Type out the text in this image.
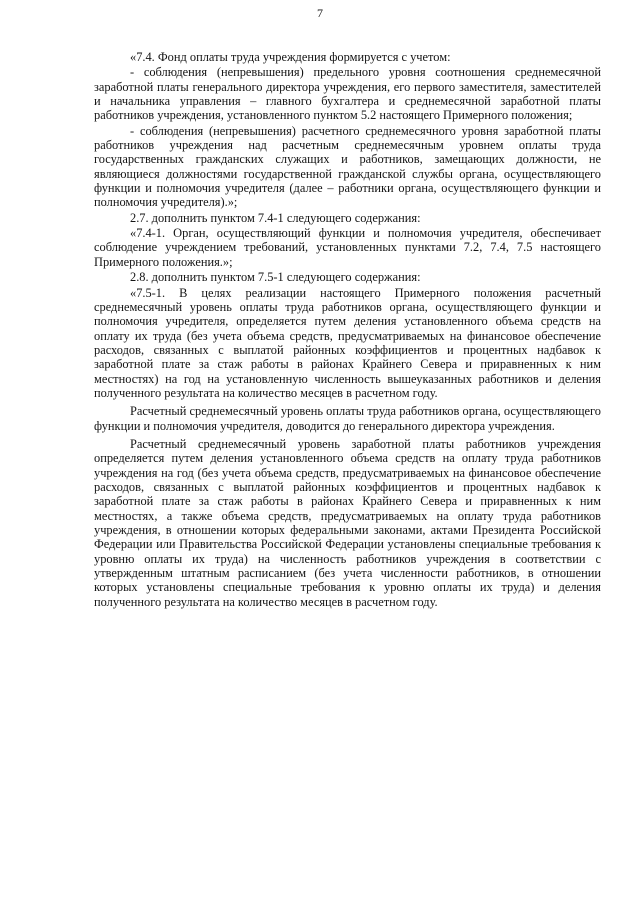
7

«7.4. Фонд оплаты труда учреждения формируется с учетом:

- соблюдения (непревышения) предельного уровня соотношения среднемесячной заработной платы генерального директора учреждения, его первого заместителя, заместителей и начальника управления – главного бухгалтера и среднемесячной заработной платы работников учреждения, установленного пунктом 5.2 настоящего Примерного положения;

- соблюдения (непревышения) расчетного среднемесячного уровня заработной платы работников учреждения над расчетным среднемесячным уровнем оплаты труда государственных гражданских служащих и работников, замещающих должности, не являющиеся должностями государственной гражданской службы органа, осуществляющего функции и полномочия учредителя (далее – работники органа, осуществляющего функции и полномочия учредителя).»;

2.7. дополнить пунктом 7.4-1 следующего содержания:

«7.4-1. Орган, осуществляющий функции и полномочия учредителя, обеспечивает соблюдение учреждением требований, установленных пунктами 7.2, 7.4, 7.5 настоящего Примерного положения.»;

2.8. дополнить пунктом 7.5-1 следующего содержания:

«7.5-1. В целях реализации настоящего Примерного положения расчетный среднемесячный уровень оплаты труда работников органа, осуществляющего функции и полномочия учредителя, определяется путем деления установленного объема средств на оплату их труда (без учета объема средств, предусматриваемых на финансовое обеспечение расходов, связанных с выплатой районных коэффициентов и процентных надбавок к заработной плате за стаж работы в районах Крайнего Севера и приравненных к ним местностях) на год на установленную численность вышеуказанных работников и деления полученного результата на количество месяцев в расчетном году.

Расчетный среднемесячный уровень оплаты труда работников органа, осуществляющего функции и полномочия учредителя, доводится до генерального директора учреждения.

Расчетный среднемесячный уровень заработной платы работников учреждения определяется путем деления установленного объема средств на оплату труда работников учреждения на год (без учета объема средств, предусматриваемых на финансовое обеспечение расходов, связанных с выплатой районных коэффициентов и процентных надбавок к заработной плате за стаж работы в районах Крайнего Севера и приравненных к ним местностях, а также объема средств, предусматриваемых на оплату труда работников учреждения, в отношении которых федеральными законами, актами Президента Российской Федерации или Правительства Российской Федерации установлены специальные требования к уровню оплаты их труда) на численность работников учреждения в соответствии с утвержденным штатным расписанием (без учета численности работников, в отношении которых установлены специальные требования к уровню оплаты их труда) и деления полученного результата на количество месяцев в расчетном году.
